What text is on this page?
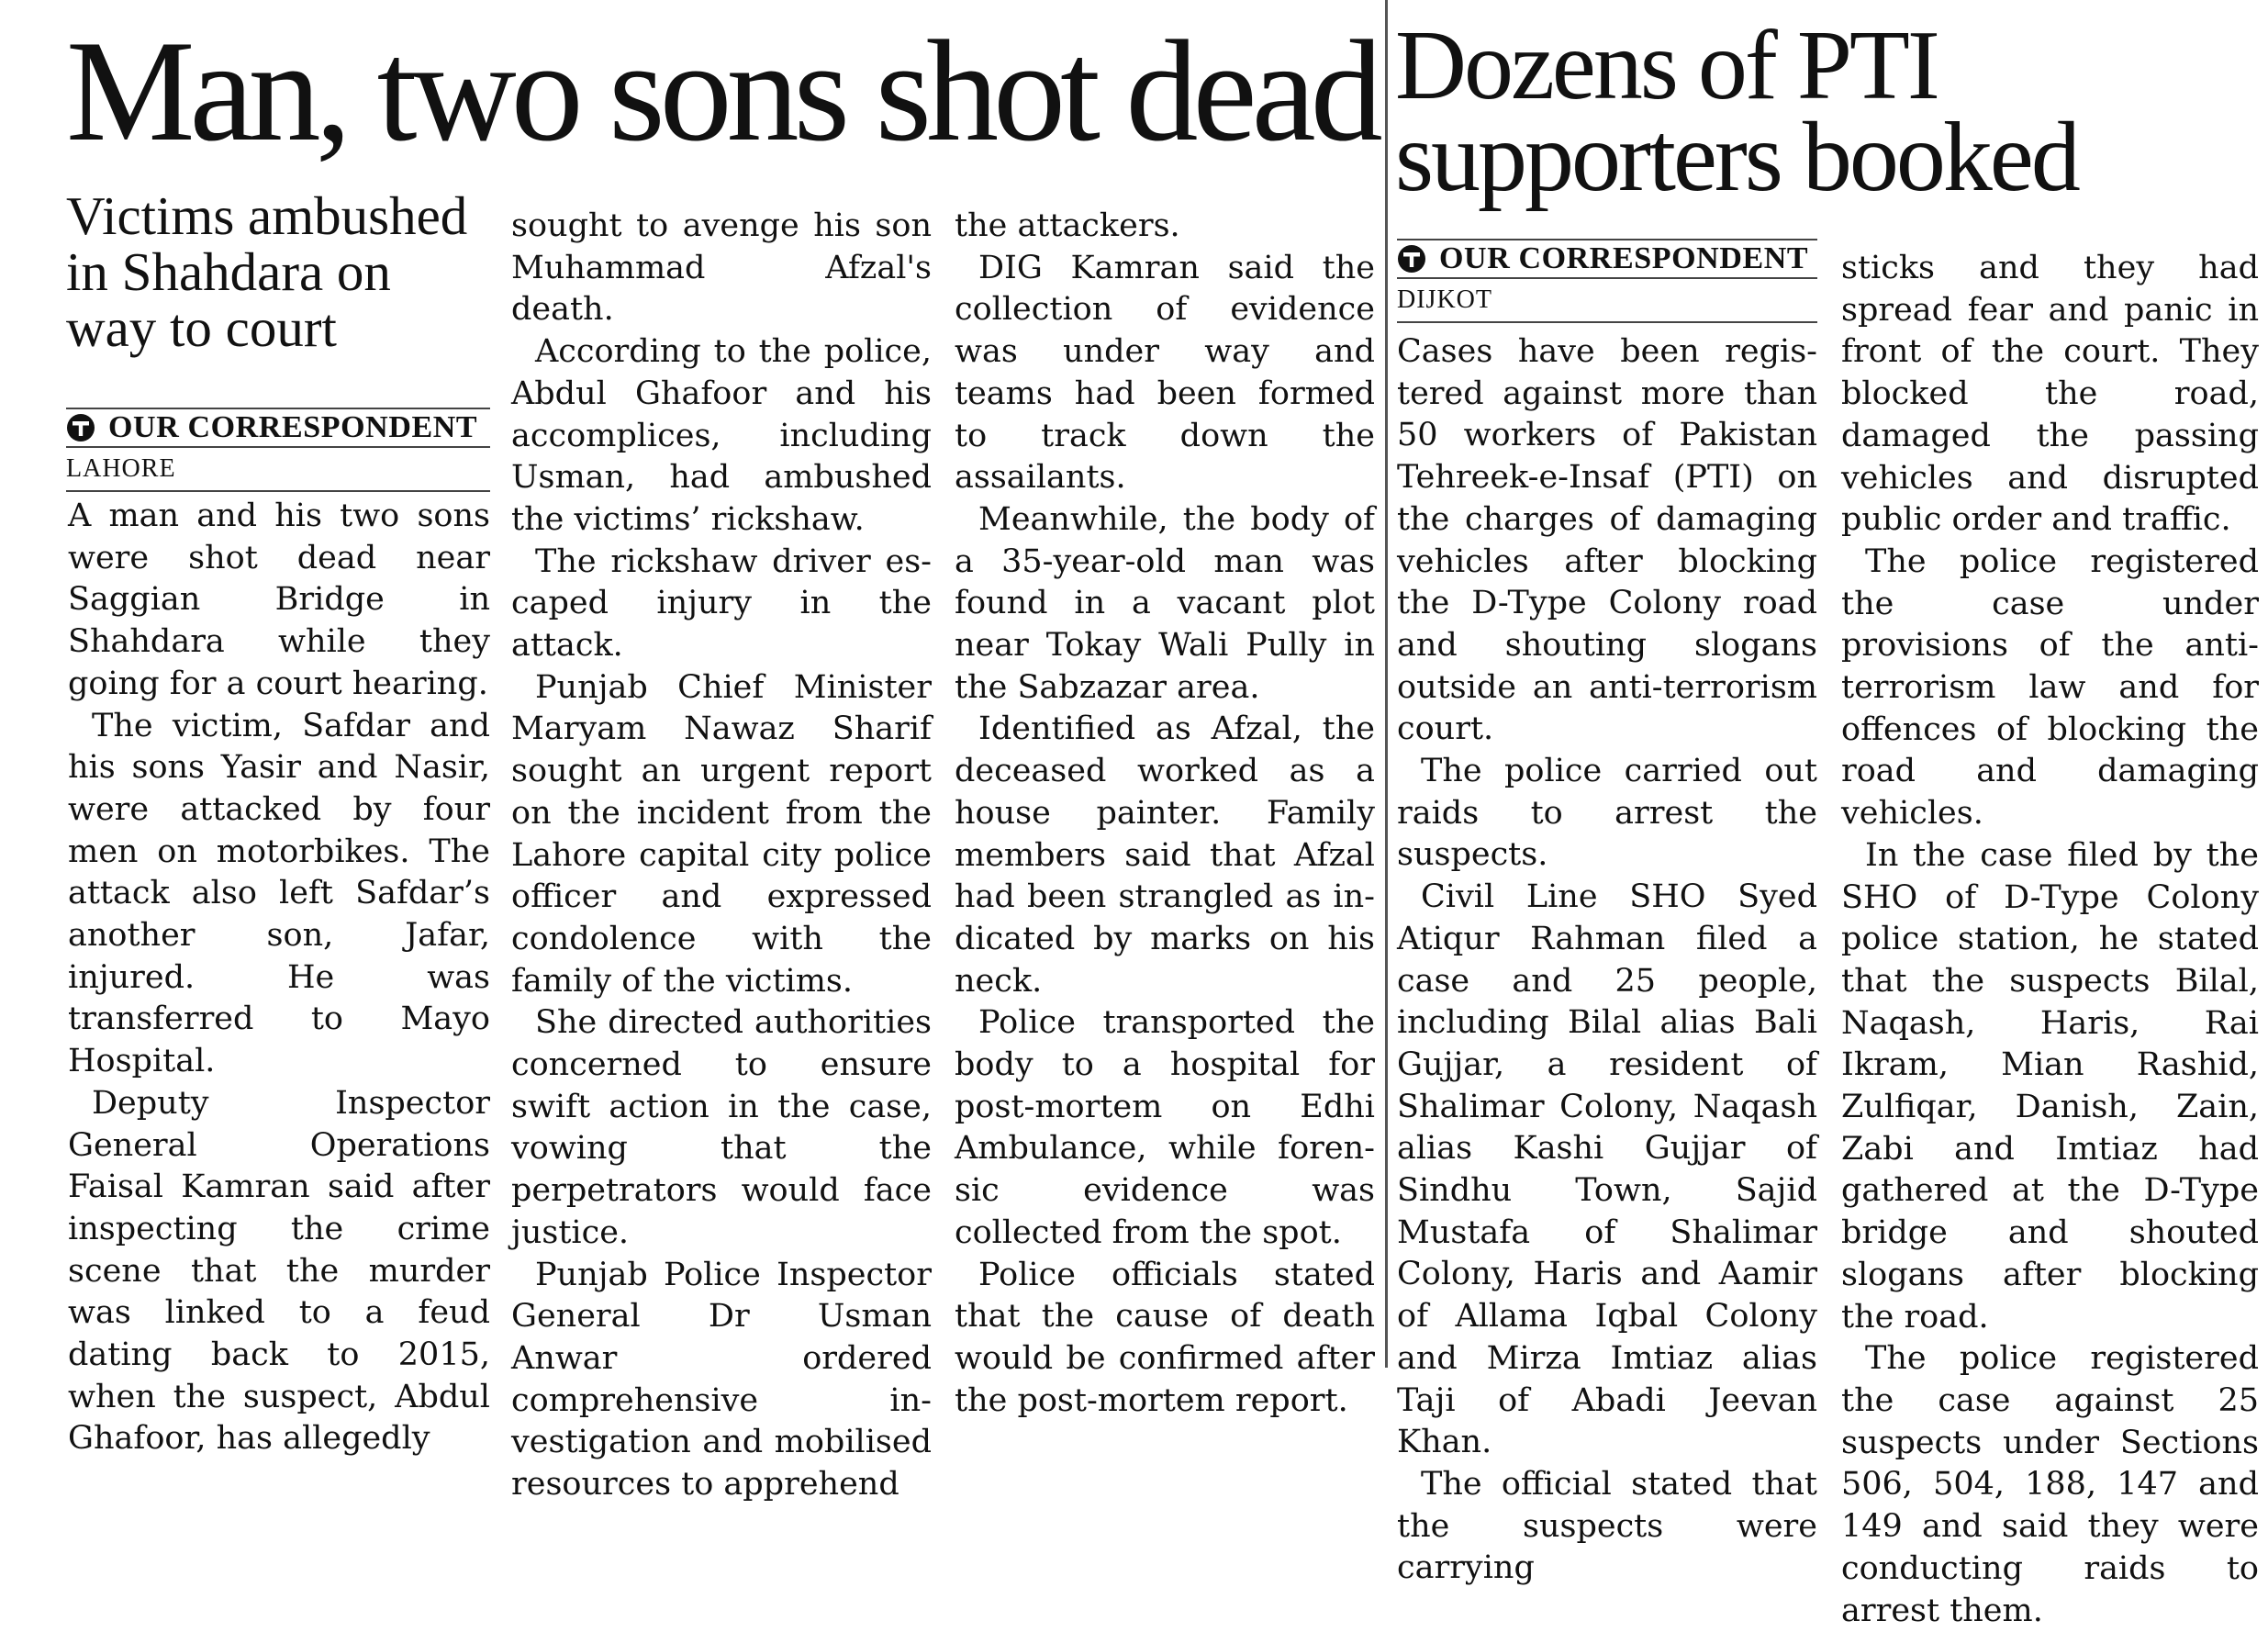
Man, two sons shot dead Dozens of PTI
supporters booked
Victims ambushed in Shahdara on way to court
OUR CORRESPONDENT
LAHORE
OUR CORRESPONDENT
DIJKOT

A man and his two sons were shot dead near Saggian Bridge in Shahdara while they going for a court hearing.

The victim, Safdar and his sons Yasir and Nasir, were attacked by four men on motorbikes. The attack also left Safdar’s another son, Jafar, injured. He was transferred to Mayo Hospital.

Deputy Inspector General Operations Faisal Kamran said after inspecting the crime scene that the murder was linked to a feud dating back to 2015, when the suspect, Abdul Ghafoor, has allegedly

sought to avenge his son Muhammad Afzal's death.

According to the police, Abdul Ghafoor and his accomplices, including Usman, had ambushed the victims’ rickshaw.

The rickshaw driver escaped injury in the attack.

Punjab Chief Minister Maryam Nawaz Sharif sought an urgent report on the incident from the Lahore capital city police officer and expressed condolence with the family of the victims.

She directed authorities concerned to ensure swift action in the case, vowing that the perpetrators would face justice.

Punjab Police Inspector General Dr Usman Anwar ordered comprehensive investigation and mobilised resources to apprehend

the attackers.

DIG Kamran said the collection of evidence was under way and teams had been formed to track down the assailants.

Meanwhile, the body of a 35-year-old man was found in a vacant plot near Tokay Wali Pully in the Sabzazar area.

Identified as Afzal, the deceased worked as a house painter. Family members said that Afzal had been strangled as indicated by marks on his neck.

Police transported the body to a hospital for post-mortem on Edhi Ambulance, while forensic evidence was collected from the spot.

Police officials stated that the cause of death would be confirmed after the post-mortem report.

Cases have been registered against more than 50 workers of Pakistan Tehreek-e-Insaf (PTI) on the charges of damaging vehicles after blocking the D-Type Colony road and shouting slogans outside an anti-terrorism court.

The police carried out raids to arrest the suspects.

Civil Line SHO Syed Atiqur Rahman filed a case and 25 people, including Bilal alias Bali Gujjar, a resident of Shalimar Colony, Naqash alias Kashi Gujjar of Sindhu Town, Sajid Mustafa of Shalimar Colony, Haris and Aamir of Allama Iqbal Colony and Mirza Imtiaz alias Taji of Abadi Jeevan Khan.

The official stated that the suspects were carrying

sticks and they had spread fear and panic in front of the court. They blocked the road, damaged the passing vehicles and disrupted public order and traffic.

The police registered the case under provisions of the anti-terrorism law and for offences of blocking the road and damaging vehicles.

In the case filed by the SHO of D-Type Colony police station, he stated that the suspects Bilal, Naqash, Haris, Rai Ikram, Mian Rashid, Zulfiqar, Danish, Zain, Zabi and Imtiaz had gathered at the D-Type bridge and shouted slogans after blocking the road.

The police registered the case against 25 suspects under Sections 506, 504, 188, 147 and 149 and said they were conducting raids to arrest them.
